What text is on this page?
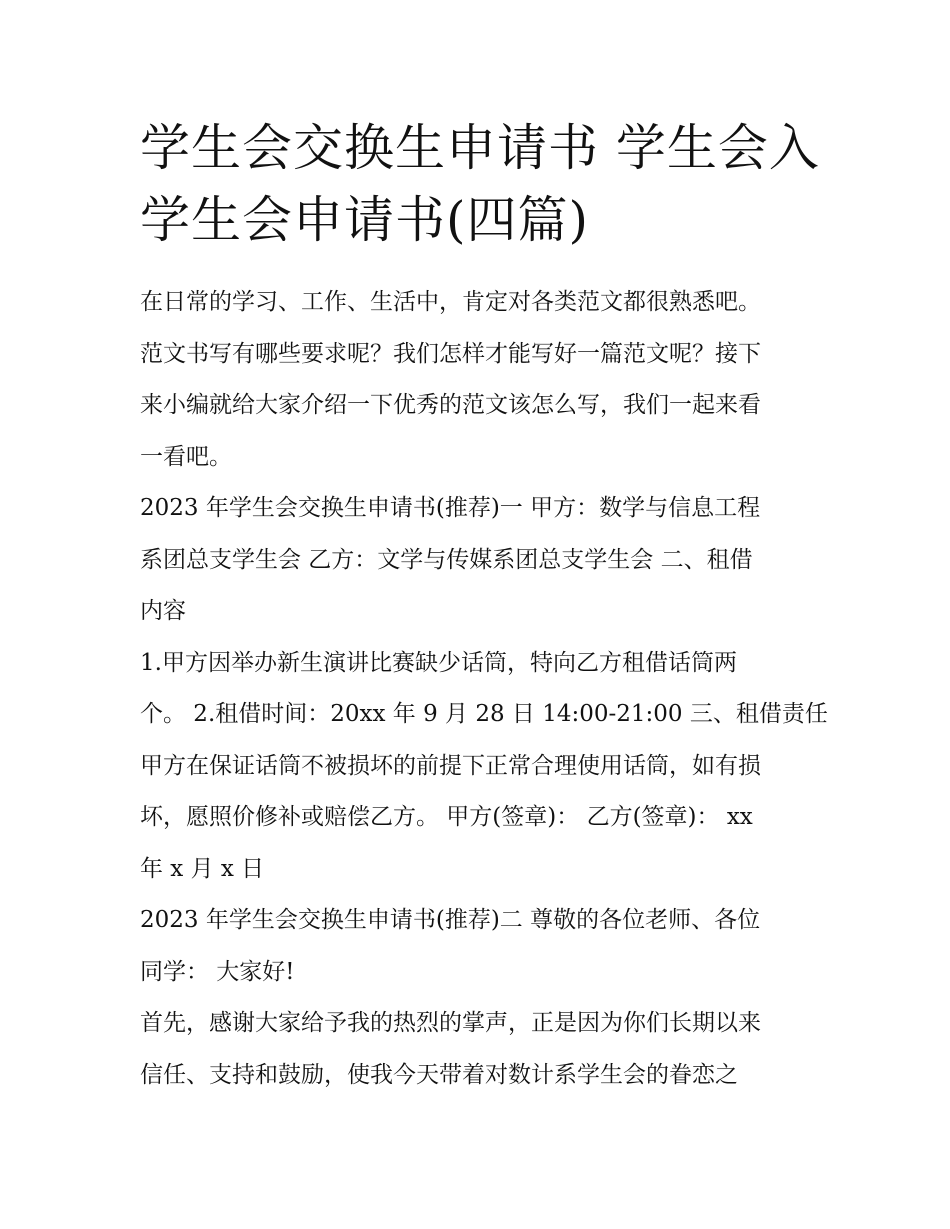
学生会交换生申请书 学生会入
学生会申请书(四篇)

在日常的学习、工作、生活中，肯定对各类范文都很熟悉吧。
范文书写有哪些要求呢？我们怎样才能写好一篇范文呢？接下
来小编就给大家介绍一下优秀的范文该怎么写，我们一起来看
一看吧。

2023 年学生会交换生申请书(推荐)一 甲方：数学与信息工程
系团总支学生会 乙方：文学与传媒系团总支学生会 二、租借
内容

1.甲方因举办新生演讲比赛缺少话筒，特向乙方租借话筒两
个。 2.租借时间：20xx 年 9 月 28 日 14:00-21:00 三、租借责任
甲方在保证话筒不被损坏的前提下正常合理使用话筒，如有损
坏，愿照价修补或赔偿乙方。 甲方(签章)： 乙方(签章)： xx
年 x 月 x 日

2023 年学生会交换生申请书(推荐)二 尊敬的各位老师、各位
同学： 大家好!

首先，感谢大家给予我的热烈的掌声，正是因为你们长期以来
信任、支持和鼓励，使我今天带着对数计系学生会的眷恋之
